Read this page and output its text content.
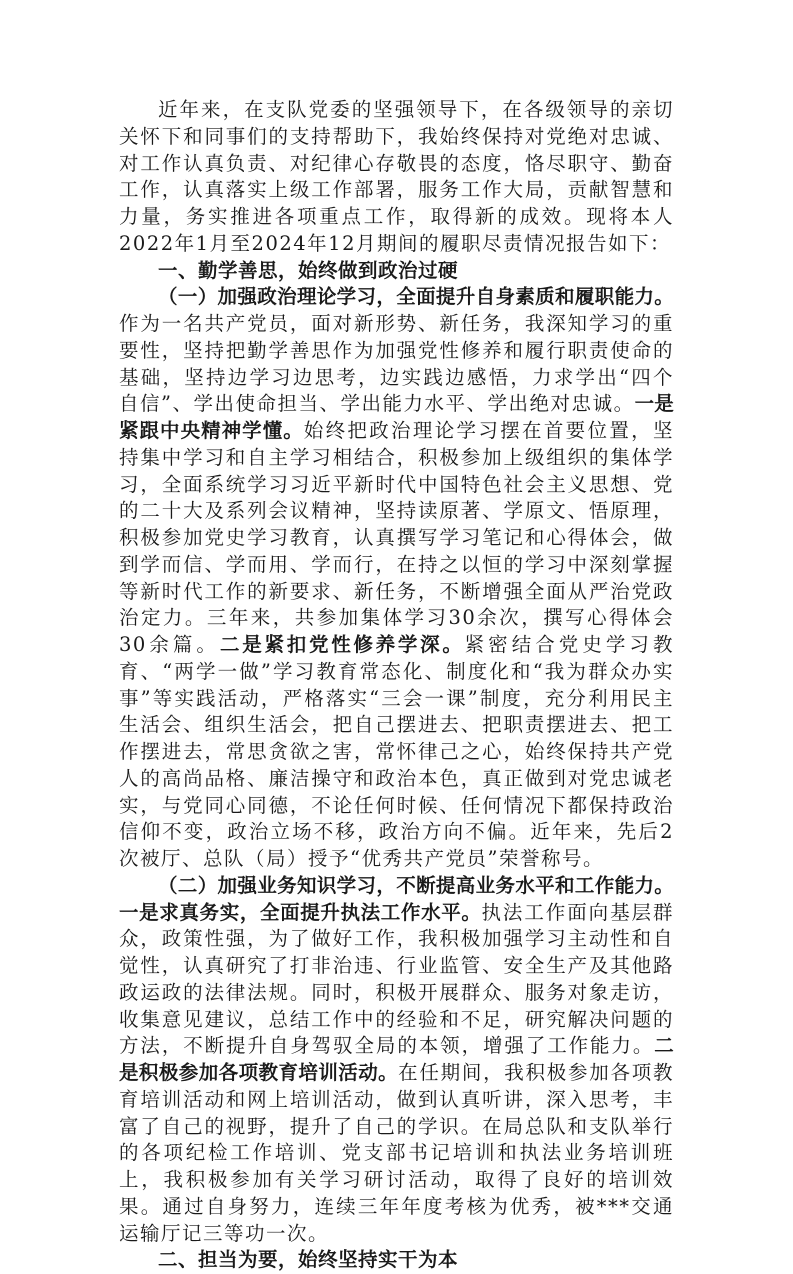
近年来，在支队党委的坚强领导下，在各级领导的亲切关怀下和同事们的支持帮助下，我始终保持对党绝对忠诚、对工作认真负责、对纪律心存敬畏的态度，恪尽职守、勤奋工作，认真落实上级工作部署，服务工作大局，贡献智慧和力量，务实推进各项重点工作，取得新的成效。现将本人2022年1月至2024年12月期间的履职尽责情况报告如下：

一、勤学善思，始终做到政治过硬

（一）加强政治理论学习，全面提升自身素质和履职能力。作为一名共产党员，面对新形势、新任务，我深知学习的重要性，坚持把勤学善思作为加强党性修养和履行职责使命的基础，坚持边学习边思考，边实践边感悟，力求学出“四个自信”、学出使命担当、学出能力水平、学出绝对忠诚。一是紧跟中央精神学懂。始终把政治理论学习摆在首要位置，坚持集中学习和自主学习相结合，积极参加上级组织的集体学习，全面系统学习习近平新时代中国特色社会主义思想、党的二十大及系列会议精神，坚持读原著、学原文、悟原理，积极参加党史学习教育，认真撰写学习笔记和心得体会，做到学而信、学而用、学而行，在持之以恒的学习中深刻掌握等新时代工作的新要求、新任务，不断增强全面从严治党政治定力。三年来，共参加集体学习30余次，撰写心得体会30余篇。二是紧扣党性修养学深。紧密结合党史学习教育、“两学一做”学习教育常态化、制度化和“我为群众办实事”等实践活动，严格落实“三会一课”制度，充分利用民主生活会、组织生活会，把自己摆进去、把职责摆进去、把工作摆进去，常思贪欲之害，常怀律己之心，始终保持共产党人的高尚品格、廉洁操守和政治本色，真正做到对党忠诚老实，与党同心同德，不论任何时候、任何情况下都保持政治信仰不变，政治立场不移，政治方向不偏。近年来，先后2次被厅、总队（局）授予“优秀共产党员”荣誉称号。

（二）加强业务知识学习，不断提高业务水平和工作能力。一是求真务实，全面提升执法工作水平。执法工作面向基层群众，政策性强，为了做好工作，我积极加强学习主动性和自觉性，认真研究了打非治违、行业监管、安全生产及其他路政运政的法律法规。同时，积极开展群众、服务对象走访，收集意见建议，总结工作中的经验和不足，研究解决问题的方法，不断提升自身驾驭全局的本领，增强了工作能力。二是积极参加各项教育培训活动。在任期间，我积极参加各项教育培训活动和网上培训活动，做到认真听讲，深入思考，丰富了自己的视野，提升了自己的学识。在局总队和支队举行的各项纪检工作培训、党支部书记培训和执法业务培训班上，我积极参加有关学习研讨活动，取得了良好的培训效果。通过自身努力，连续三年年度考核为优秀，被***交通运输厅记三等功一次。

二、担当为要，始终坚持实干为本
